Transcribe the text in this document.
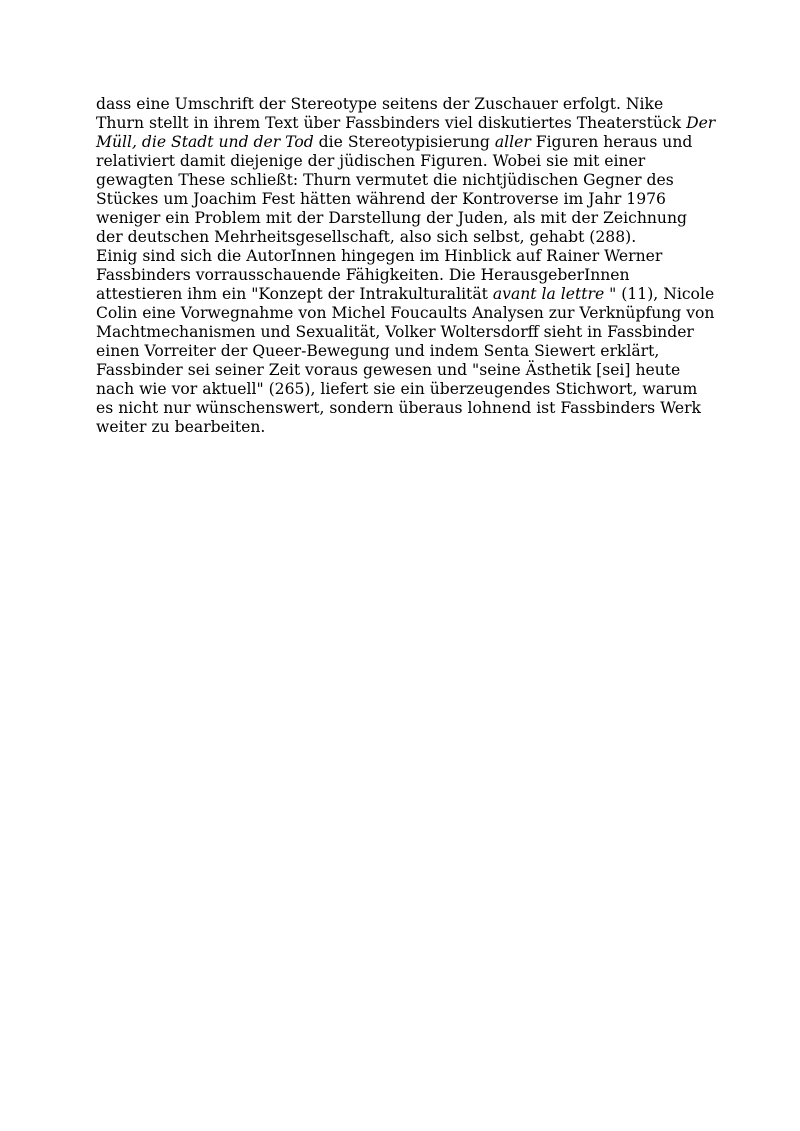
dass eine Umschrift der Stereotype seitens der Zuschauer erfolgt. Nike Thurn stellt in ihrem Text über Fassbinders viel diskutiertes Theaterstück Der Müll, die Stadt und der Tod die Stereotypisierung aller Figuren heraus und relativiert damit diejenige der jüdischen Figuren. Wobei sie mit einer gewagten These schließt: Thurn vermutet die nichtjüdischen Gegner des Stückes um Joachim Fest hätten während der Kontroverse im Jahr 1976 weniger ein Problem mit der Darstellung der Juden, als mit der Zeichnung der deutschen Mehrheitsgesellschaft, also sich selbst, gehabt (288).

Einig sind sich die AutorInnen hingegen im Hinblick auf Rainer Werner Fassbinders vorrausschauende Fähigkeiten. Die HerausgeberInnen attestieren ihm ein "Konzept der Intrakulturalität avant la lettre " (11), Nicole Colin eine Vorwegnahme von Michel Foucaults Analysen zur Verknüpfung von Machtmechanismen und Sexualität, Volker Woltersdorff sieht in Fassbinder einen Vorreiter der Queer-Bewegung und indem Senta Siewert erklärt, Fassbinder sei seiner Zeit voraus gewesen und "seine Ästhetik [sei] heute nach wie vor aktuell" (265), liefert sie ein überzeugendes Stichwort, warum es nicht nur wünschenswert, sondern überaus lohnend ist Fassbinders Werk weiter zu bearbeiten.
